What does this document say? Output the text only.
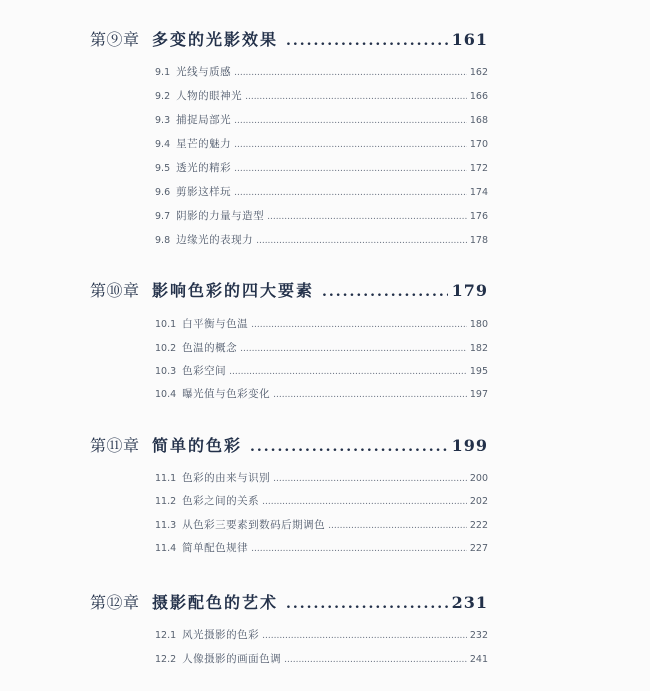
第⑨章 多变的光影效果 .....	161
9.1 光线与质感 .....	162
9.2 人物的眼神光 .....	166
9.3 捕捉局部光 .....	168
9.4 星芒的魅力 .....	170
9.5 透光的精彩 .....	172
9.6 剪影这样玩 .....	174
9.7 阴影的力量与造型 .....	176
9.8 边缘光的表现力 .....	178
第⑩章 影响色彩的四大要素 .....	179
10.1 白平衡与色温 .....	180
10.2 色温的概念 .....	182
10.3 色彩空间 .....	195
10.4 曝光值与色彩变化 .....	197
第⑪章 简单的色彩 .....	199
11.1 色彩的由来与识别 .....	200
11.2 色彩之间的关系 .....	202
11.3 从色彩三要素到数码后期调色 .....	222
11.4 简单配色规律 .....	227
第⑫章 摄影配色的艺术 .....	231
12.1 风光摄影的色彩 .....	232
12.2 人像摄影的画面色调 .....	241
